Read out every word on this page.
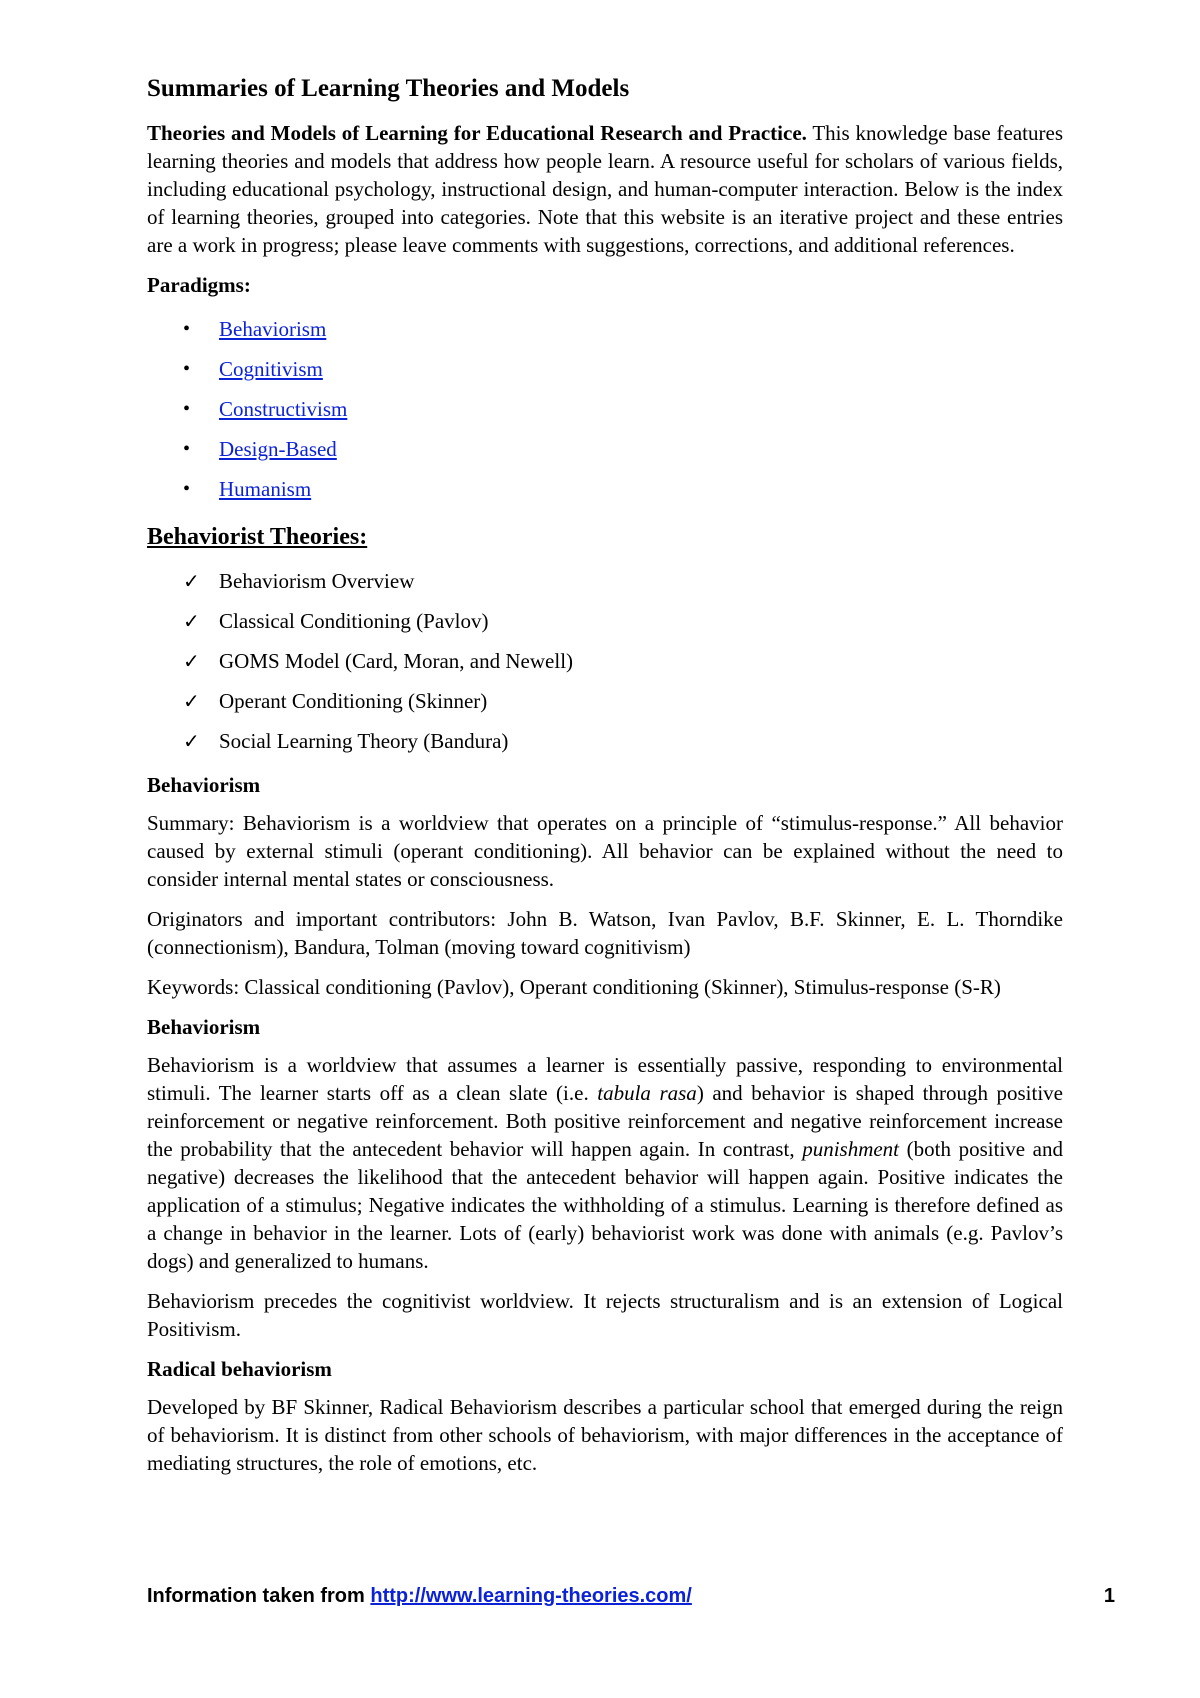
Summaries of Learning Theories and Models

Theories and Models of Learning for Educational Research and Practice. This knowledge base features learning theories and models that address how people learn. A resource useful for scholars of various fields, including educational psychology, instructional design, and human-computer interaction. Below is the index of learning theories, grouped into categories. Note that this website is an iterative project and these entries are a work in progress; please leave comments with suggestions, corrections, and additional references.

Paradigms:

• Behaviorism
• Cognitivism
• Constructivism
• Design-Based
• Humanism
Behaviorist Theories:
✓ Behaviorism Overview
✓ Classical Conditioning (Pavlov)
✓ GOMS Model (Card, Moran, and Newell)
✓ Operant Conditioning (Skinner)
✓ Social Learning Theory (Bandura)

Behaviorism

Summary: Behaviorism is a worldview that operates on a principle of “stimulus-response.” All behavior caused by external stimuli (operant conditioning). All behavior can be explained without the need to consider internal mental states or consciousness.

Originators and important contributors: John B. Watson, Ivan Pavlov, B.F. Skinner, E. L. Thorndike (connectionism), Bandura, Tolman (moving toward cognitivism)

Keywords: Classical conditioning (Pavlov), Operant conditioning (Skinner), Stimulus-response (S-R)

Behaviorism

Behaviorism is a worldview that assumes a learner is essentially passive, responding to environmental stimuli. The learner starts off as a clean slate (i.e. tabula rasa) and behavior is shaped through positive reinforcement or negative reinforcement. Both positive reinforcement and negative reinforcement increase the probability that the antecedent behavior will happen again. In contrast, punishment (both positive and negative) decreases the likelihood that the antecedent behavior will happen again. Positive indicates the application of a stimulus; Negative indicates the withholding of a stimulus. Learning is therefore defined as a change in behavior in the learner. Lots of (early) behaviorist work was done with animals (e.g. Pavlov’s dogs) and generalized to humans.

Behaviorism precedes the cognitivist worldview. It rejects structuralism and is an extension of Logical Positivism.

Radical behaviorism

Developed by BF Skinner, Radical Behaviorism describes a particular school that emerged during the reign of behaviorism. It is distinct from other schools of behaviorism, with major differences in the acceptance of mediating structures, the role of emotions, etc.

Information taken from http://www.learning-theories.com/	1
